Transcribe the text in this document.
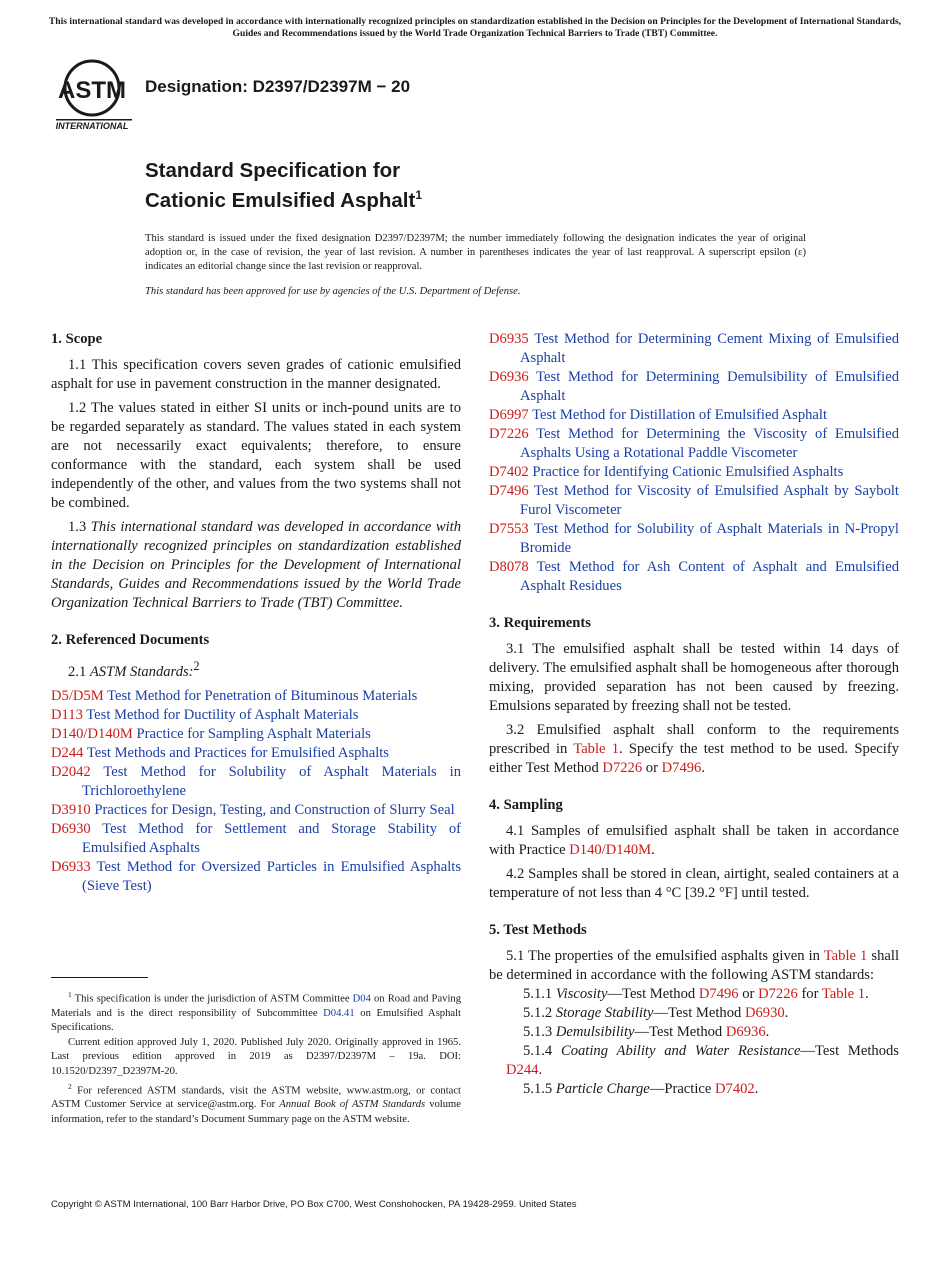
This international standard was developed in accordance with internationally recognized principles on standardization established in the Decision on Principles for the Development of International Standards, Guides and Recommendations issued by the World Trade Organization Technical Barriers to Trade (TBT) Committee.
ASTM
INTERNATIONAL
Designation: D2397/D2397M − 20
Standard Specification for
Cationic Emulsified Asphalt$^1$
This standard is issued under the fixed designation D2397/D2397M; the number immediately following the designation indicates the year of original adoption or, in the case of revision, the year of last revision. A number in parentheses indicates the year of last reapproval. A superscript epsilon (ε) indicates an editorial change since the last revision or reapproval.
This standard has been approved for use by agencies of the U.S. Department of Defense.
1. Scope

1.1 This specification covers seven grades of cationic emulsified asphalt for use in pavement construction in the manner designated.

1.2 The values stated in either SI units or inch-pound units are to be regarded separately as standard. The values stated in each system are not necessarily exact equivalents; therefore, to ensure conformance with the standard, each system shall be used independently of the other, and values from the two systems shall not be combined.

1.3 This international standard was developed in accordance with internationally recognized principles on standardization established in the Decision on Principles for the Development of International Standards, Guides and Recommendations issued by the World Trade Organization Technical Barriers to Trade (TBT) Committee.

2. Referenced Documents

2.1 ASTM Standards:$^2$

D5/D5M Test Method for Penetration of Bituminous Materials

D113 Test Method for Ductility of Asphalt Materials

D140/D140M Practice for Sampling Asphalt Materials

D244 Test Methods and Practices for Emulsified Asphalts

D2042 Test Method for Solubility of Asphalt Materials in Trichloroethylene

D3910 Practices for Design, Testing, and Construction of Slurry Seal

D6930 Test Method for Settlement and Storage Stability of Emulsified Asphalts

D6933 Test Method for Oversized Particles in Emulsified Asphalts (Sieve Test)

D6935 Test Method for Determining Cement Mixing of Emulsified Asphalt

D6936 Test Method for Determining Demulsibility of Emulsified Asphalt

D6997 Test Method for Distillation of Emulsified Asphalt

D7226 Test Method for Determining the Viscosity of Emulsified Asphalts Using a Rotational Paddle Viscometer

D7402 Practice for Identifying Cationic Emulsified Asphalts

D7496 Test Method for Viscosity of Emulsified Asphalt by Saybolt Furol Viscometer

D7553 Test Method for Solubility of Asphalt Materials in N-Propyl Bromide

D8078 Test Method for Ash Content of Asphalt and Emulsified Asphalt Residues

3. Requirements

3.1 The emulsified asphalt shall be tested within 14 days of delivery. The emulsified asphalt shall be homogeneous after thorough mixing, provided separation has not been caused by freezing. Emulsions separated by freezing shall not be tested.

3.2 Emulsified asphalt shall conform to the requirements prescribed in Table 1. Specify the test method to be used. Specify either Test Method D7226 or D7496.

4. Sampling

4.1 Samples of emulsified asphalt shall be taken in accordance with Practice D140/D140M.

4.2 Samples shall be stored in clean, airtight, sealed containers at a temperature of not less than 4 °C [39.2 °F] until tested.

5. Test Methods

5.1 The properties of the emulsified asphalts given in Table 1 shall be determined in accordance with the following ASTM standards:

5.1.1 Viscosity—Test Method D7496 or D7226 for Table 1.

5.1.2 Storage Stability—Test Method D6930.

5.1.3 Demulsibility—Test Method D6936.

5.1.4 Coating Ability and Water Resistance—Test Methods D244.

5.1.5 Particle Charge—Practice D7402.

$^1$ This specification is under the jurisdiction of ASTM Committee D04 on Road and Paving Materials and is the direct responsibility of Subcommittee D04.41 on Emulsified Asphalt Specifications.

Current edition approved July 1, 2020. Published July 2020. Originally approved in 1965. Last previous edition approved in 2019 as D2397/D2397M – 19a. DOI: 10.1520/D2397_D2397M-20.

$^2$ For referenced ASTM standards, visit the ASTM website, www.astm.org, or contact ASTM Customer Service at service@astm.org. For Annual Book of ASTM Standards volume information, refer to the standard’s Document Summary page on the ASTM website.

Copyright © ASTM International, 100 Barr Harbor Drive, PO Box C700, West Conshohocken, PA 19428-2959. United States
